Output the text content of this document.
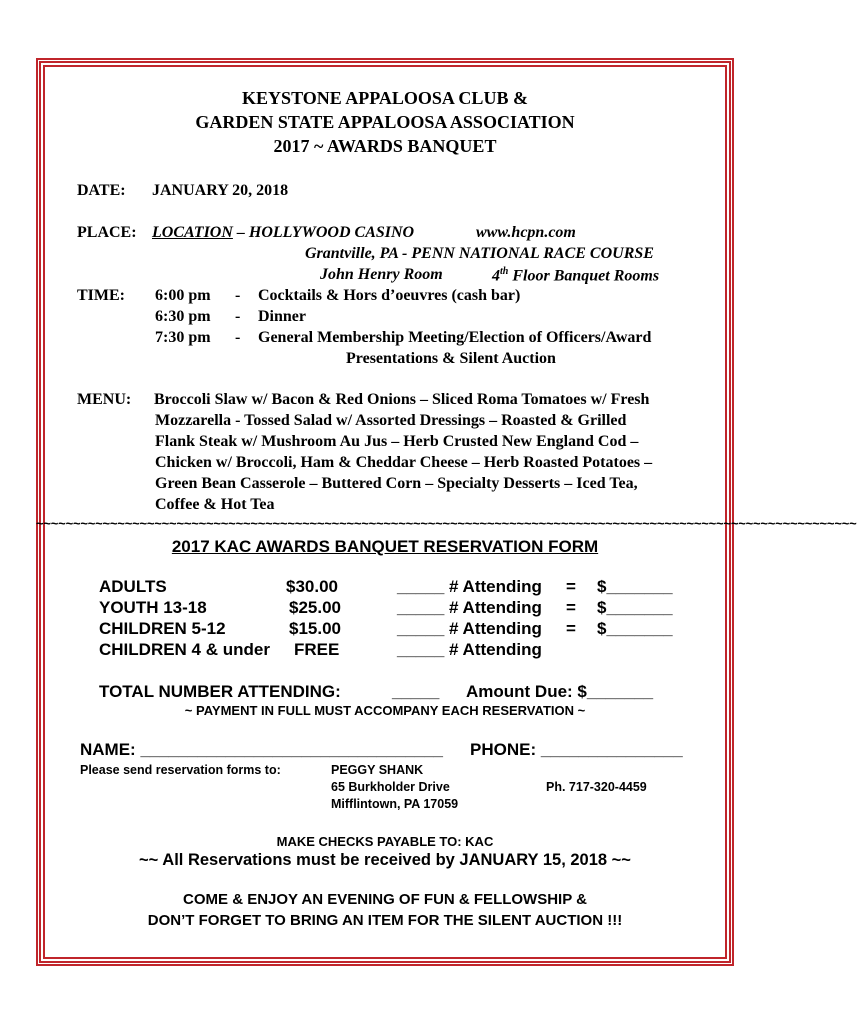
KEYSTONE APPALOOSA CLUB &
GARDEN STATE APPALOOSA ASSOCIATION
2017 ~ AWARDS BANQUET
DATE: JANUARY 20, 2018
PLACE: LOCATION – HOLLYWOOD CASINO	www.hcpn.com
Grantville, PA - PENN NATIONAL RACE COURSE
John Henry Room	4th Floor Banquet Rooms
TIME: 6:00 pm - Cocktails & Hors d’oeuvres (cash bar)
6:30 pm - Dinner
7:30 pm - General Membership Meeting/Election of Officers/Award
Presentations & Silent Auction
MENU: Broccoli Slaw w/ Bacon & Red Onions – Sliced Roma Tomatoes w/ Fresh
Mozzarella - Tossed Salad w/ Assorted Dressings – Roasted & Grilled
Flank Steak w/ Mushroom Au Jus – Herb Crusted New England Cod –
Chicken w/ Broccoli, Ham & Cheddar Cheese – Herb Roasted Potatoes –
Green Bean Casserole – Buttered Corn – Specialty Desserts – Iced Tea,
Coffee & Hot Tea
~~~~~~~~~~~~~~~~~~~~~~~~~~~~~~~~~~~~~~~~~~~~~~~~~~~~~~~~~~~~~~~~~~~~~~~~~~~~~~~~~~~~~~~~~~~~~~~~~~~~~~~~~~~~~~~
2017 KAC AWARDS BANQUET RESERVATION FORM
ADULTS	$30.00	_____ # Attending = $_______
YOUTH 13-18	$25.00	_____ # Attending = $_______
CHILDREN 5-12	$15.00	_____ # Attending = $_______
CHILDREN 4 & under FREE	_____ # Attending
TOTAL NUMBER ATTENDING:	_____ Amount Due: $_______
~ PAYMENT IN FULL MUST ACCOMPANY EACH RESERVATION ~
NAME: ________________________________ PHONE: _______________
Please send reservation forms to:	PEGGY SHANK
65 Burkholder Drive	Ph. 717-320-4459
Mifflintown, PA 17059
MAKE CHECKS PAYABLE TO: KAC
~~ All Reservations must be received by JANUARY 15, 2018 ~~
COME & ENJOY AN EVENING OF FUN & FELLOWSHIP &
DON’T FORGET TO BRING AN ITEM FOR THE SILENT AUCTION !!!
